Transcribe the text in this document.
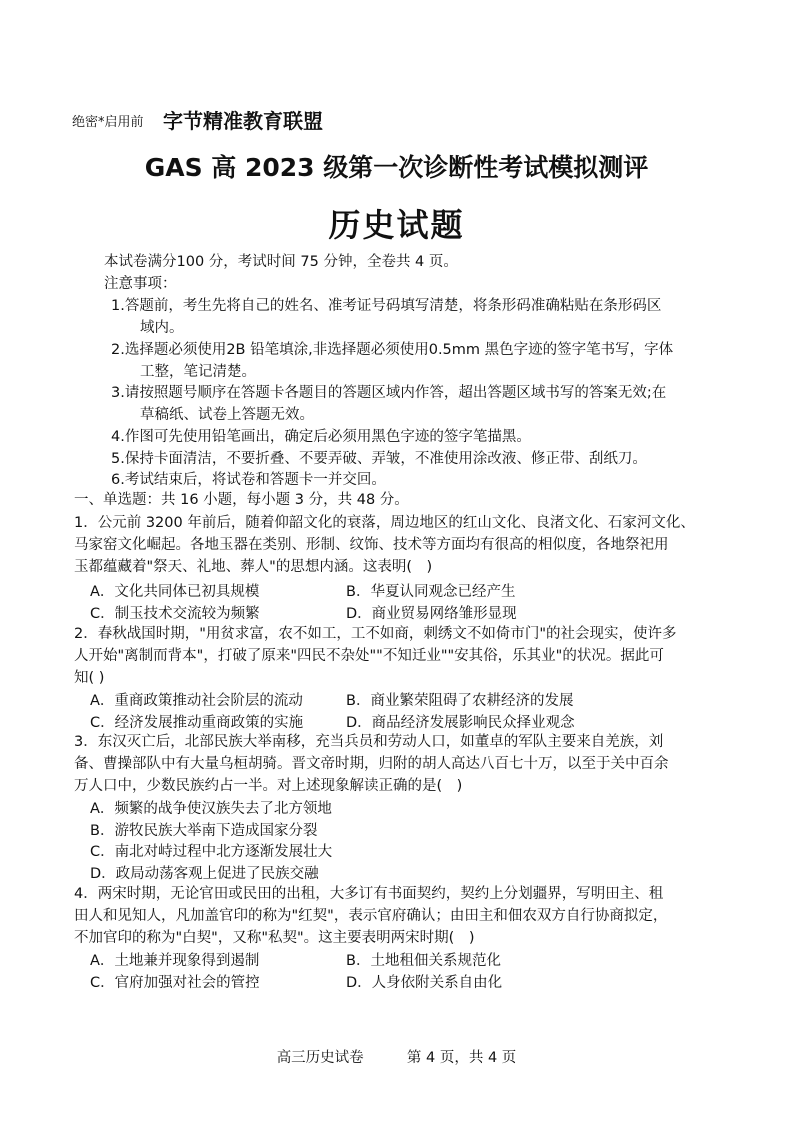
绝密*启用前 字节精准教育联盟
GAS 高 2023 级第一次诊断性考试模拟测评
历史试题
本试卷满分100 分，考试时间 75 分钟，全卷共 4 页。
注意事项：
1.答题前，考生先将自己的姓名、准考证号码填写清楚，将条形码准确粘贴在条形码区
域内。
2.选择题必须使用2B 铅笔填涂,非选择题必须使用0.5mm 黑色字迹的签字笔书写，字体
工整，笔记清楚。
3.请按照题号顺序在答题卡各题目的答题区域内作答，超出答题区域书写的答案无效;在
草稿纸、试卷上答题无效。
4.作图可先使用铅笔画出，确定后必须用黑色字迹的签字笔描黑。
5.保持卡面清洁，不要折叠、不要弄破、弄皱，不准使用涂改液、修正带、刮纸刀。
6.考试结束后，将试卷和答题卡一并交回。
一、单选题：共 16 小题，每小题 3 分，共 48 分。
1．公元前 3200 年前后，随着仰韶文化的衰落，周边地区的红山文化、良渚文化、石家河文化、
马家窑文化崛起。各地玉器在类别、形制、纹饰、技术等方面均有很高的相似度，各地祭祀用
玉都蕴藏着"祭天、礼地、葬人"的思想内涵。这表明(　)
A．文化共同体已初具规模	B．华夏认同观念已经产生
C．制玉技术交流较为频繁	D．商业贸易网络雏形显现
2．春秋战国时期，"用贫求富，农不如工，工不如商，刺绣文不如倚市门"的社会现实，使许多
人开始"离制而背本"，打破了原来"四民不杂处""不知迁业""安其俗，乐其业"的状况。据此可
知( )
A．重商政策推动社会阶层的流动	B．商业繁荣阻碍了农耕经济的发展
C．经济发展推动重商政策的实施	D．商品经济发展影响民众择业观念
3．东汉灭亡后，北部民族大举南移，充当兵员和劳动人口，如董卓的军队主要来自羌族，刘
备、曹操部队中有大量乌桓胡骑。晋文帝时期，归附的胡人高达八百七十万，以至于关中百余
万人口中，少数民族约占一半。对上述现象解读正确的是(　)
A．频繁的战争使汉族失去了北方领地
B．游牧民族大举南下造成国家分裂
C．南北对峙过程中北方逐渐发展壮大
D．政局动荡客观上促进了民族交融
4．两宋时期，无论官田或民田的出租，大多订有书面契约，契约上分划疆界，写明田主、租
田人和见知人，凡加盖官印的称为"红契"，表示官府确认；由田主和佃农双方自行协商拟定，
不加官印的称为"白契"，又称"私契"。这主要表明两宋时期(　)
A．土地兼并现象得到遏制	B．土地租佃关系规范化
C．官府加强对社会的管控	D．人身依附关系自由化
高三历史试卷	第 4 页，共 4 页
